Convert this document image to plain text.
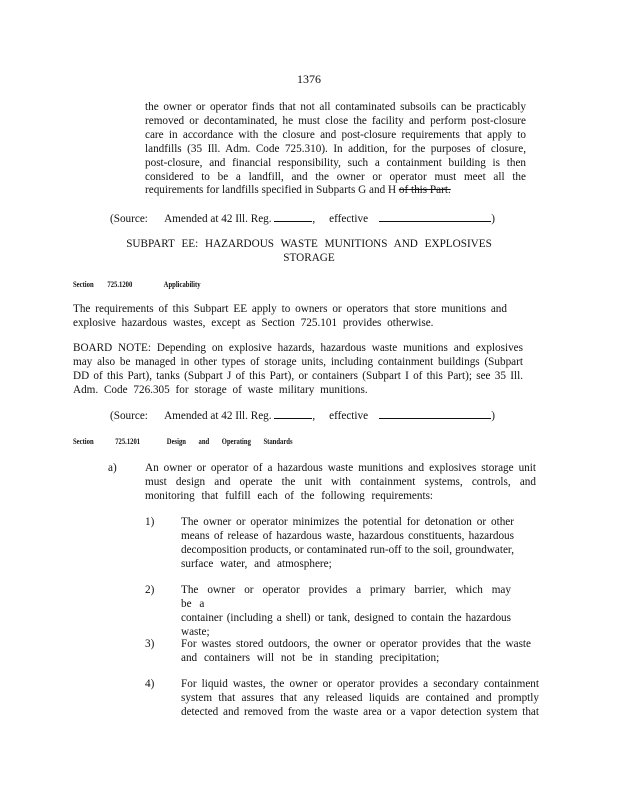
1376
the owner or operator finds that not all contaminated subsoils can be practicably
removed or decontaminated, he must close the facility and perform post-closure
care in accordance with the closure and post-closure requirements that apply to
landfills (35 Ill. Adm. Code 725.310). In addition, for the purposes of closure,
post-closure, and financial responsibility, such a containment building is then
considered to be a landfill, and the owner or operator must meet all the
requirements for landfills specified in Subparts G and H of this Part.
(Source: Amended at 42 Ill. Reg.	, effective	)
SUBPART EE: HAZARDOUS WASTE MUNITIONS AND EXPLOSIVES
STORAGE
Section 725.1200	Applicability
The requirements of this Subpart EE apply to owners or operators that store munitions and
explosive hazardous wastes, except as Section 725.101 provides otherwise.
BOARD NOTE: Depending on explosive hazards, hazardous waste munitions and explosives
may also be managed in other types of storage units, including containment buildings (Subpart
DD of this Part), tanks (Subpart J of this Part), or containers (Subpart I of this Part); see 35 Ill.
Adm. Code 726.305 for storage of waste military munitions.
(Source: Amended at 42 Ill. Reg.	, effective	)
Section	725.1201	Design and Operating Standards
a)	An owner or operator of a hazardous waste munitions and explosives storage unit
must design and operate the unit with containment systems, controls, and
monitoring that fulfill each of the following requirements:
1) The owner or operator minimizes the potential for detonation or other
means of release of hazardous waste, hazardous constituents, hazardous
decomposition products, or contaminated run-off to the soil, groundwater,
surface water, and atmosphere;
2) The owner or operator provides a primary barrier, which may be a
container (including a shell) or tank, designed to contain the hazardous
waste;
3) For wastes stored outdoors, the owner or operator provides that the waste
and containers will not be in standing precipitation;
4) For liquid wastes, the owner or operator provides a secondary containment
system that assures that any released liquids are contained and promptly
detected and removed from the waste area or a vapor detection system that
